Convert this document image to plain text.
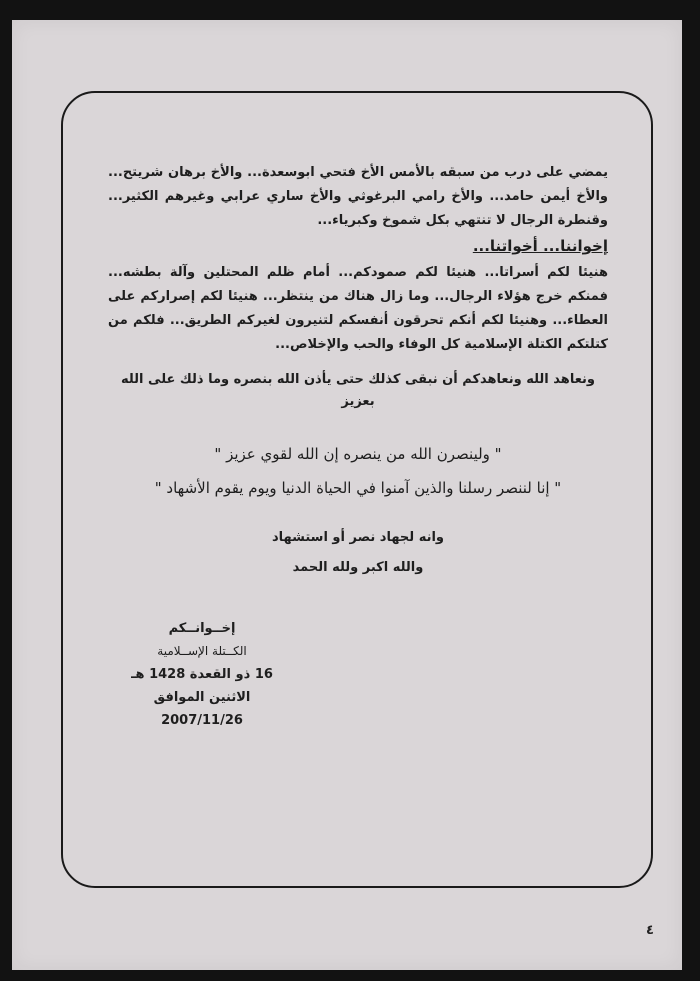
يمضي على درب من سبقه بالأمس الأخ فتحي ابوسعدة... والأخ برهان شريتح... والأخ أيمن حامد... والأخ رامي البرغوثي والأخ ساري عرابي وغيرهم الكثير... وقنطرة الرجال لا تنتهي بكل شموخ وكبرياء...

إخواننا... أخواتنا...

هنيئا لكم أسراتا... هنيئا لكم صمودكم... أمام ظلم المحتلين وآلة بطشه... فمنكم خرج هؤلاء الرجال... وما زال هناك من ينتظر... هنيئا لكم إصراركم على العطاء... وهنيئا لكم أنكم تحرقون أنفسكم لتنيرون لغيركم الطريق... فلكم من كتلتكم الكتلة الإسلامية كل الوفاء والحب والإخلاص...

ونعاهد الله ونعاهدكم أن نبقى كذلك حتى يأذن الله بنصره وما ذلك على الله بعزيز
" ولينصرن الله من ينصره إن الله لقوي عزيز "
" إنا لننصر رسلنا والذين آمنوا في الحياة الدنيا ويوم يقوم الأشهاد "
وانه لجهاد نصر أو استشهاد
والله اكبر ولله الحمد
إخــوانــكم
الكــتلة الإســلامية
16 ذو القعدة 1428 هـ
الاثنين الموافق 2007/11/26
٤
